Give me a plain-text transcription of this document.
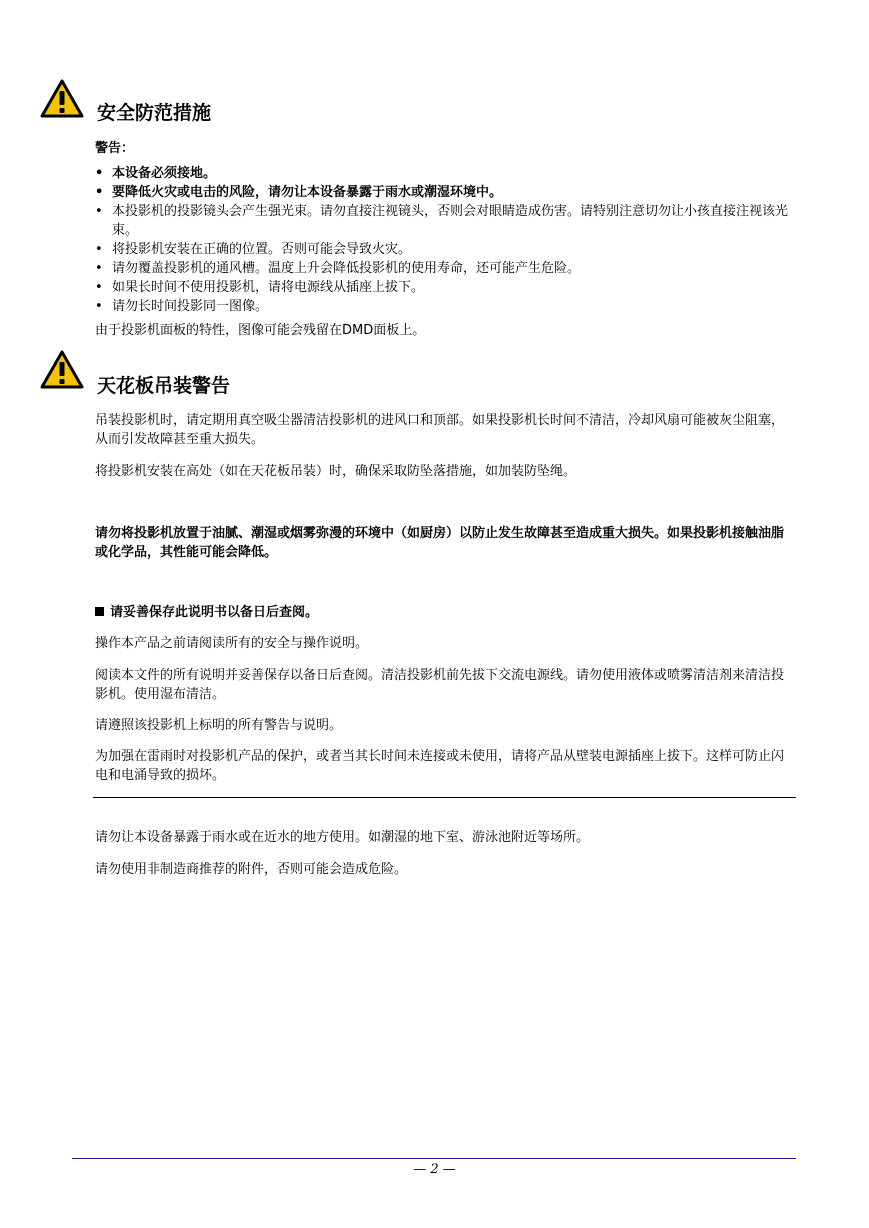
安全防范措施
警告：
• 本设备必须接地。
• 要降低火灾或电击的风险，请勿让本设备暴露于雨水或潮湿环境中。
• 本投影机的投影镜头会产生强光束。请勿直接注视镜头，否则会对眼睛造成伤害。请特别注意切勿让小孩直接注视该光束。
• 将投影机安装在正确的位置。否则可能会导致火灾。
• 请勿覆盖投影机的通风槽。温度上升会降低投影机的使用寿命，还可能产生危险。
• 如果长时间不使用投影机，请将电源线从插座上拔下。
• 请勿长时间投影同一图像。
由于投影机面板的特性，图像可能会残留在DMD面板上。
天花板吊装警告
吊装投影机时，请定期用真空吸尘器清洁投影机的进风口和顶部。如果投影机长时间不清洁，冷却风扇可能被灰尘阻塞，从而引发故障甚至重大损失。
将投影机安装在高处（如在天花板吊装）时，确保采取防坠落措施，如加装防坠绳。
请勿将投影机放置于油腻、潮湿或烟雾弥漫的环境中（如厨房）以防止发生故障甚至造成重大损失。如果投影机接触油脂或化学品，其性能可能会降低。
请妥善保存此说明书以备日后查阅。
操作本产品之前请阅读所有的安全与操作说明。
阅读本文件的所有说明并妥善保存以备日后查阅。清洁投影机前先拔下交流电源线。请勿使用液体或喷雾清洁剂来清洁投影机。使用湿布清洁。
请遵照该投影机上标明的所有警告与说明。
为加强在雷雨时对投影机产品的保护，或者当其长时间未连接或未使用，请将产品从壁装电源插座上拔下。这样可防止闪电和电涌导致的损坏。
请勿让本设备暴露于雨水或在近水的地方使用。如潮湿的地下室、游泳池附近等场所。
请勿使用非制造商推荐的附件，否则可能会造成危险。
— 2 —
